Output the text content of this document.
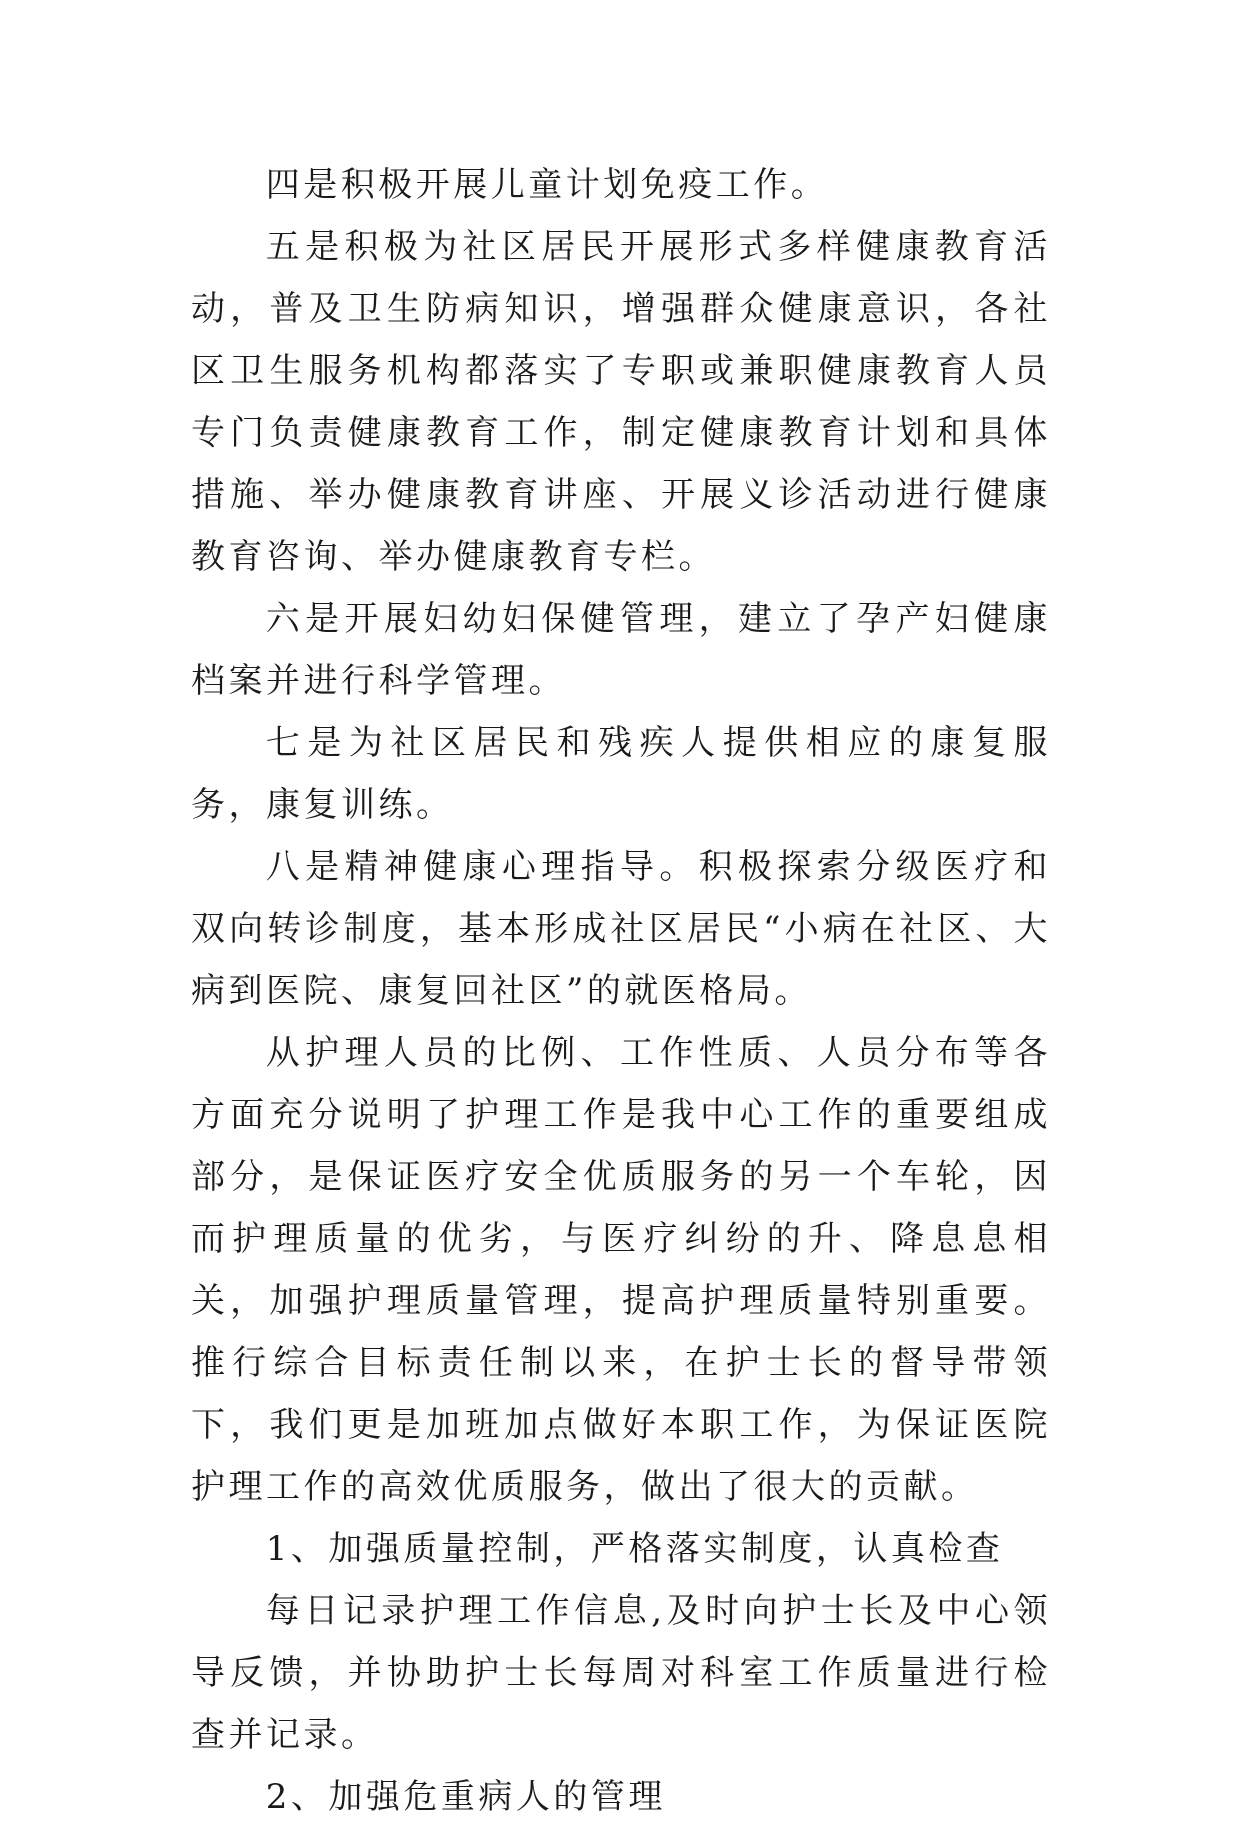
四是积极开展儿童计划免疫工作。

五是积极为社区居民开展形式多样健康教育活动，普及卫生防病知识，增强群众健康意识，各社区卫生服务机构都落实了专职或兼职健康教育人员专门负责健康教育工作，制定健康教育计划和具体措施、举办健康教育讲座、开展义诊活动进行健康教育咨询、举办健康教育专栏。

六是开展妇幼妇保健管理，建立了孕产妇健康档案并进行科学管理。

七是为社区居民和残疾人提供相应的康复服务，康复训练。

八是精神健康心理指导。积极探索分级医疗和双向转诊制度，基本形成社区居民“小病在社区、大病到医院、康复回社区”的就医格局。

从护理人员的比例、工作性质、人员分布等各方面充分说明了护理工作是我中心工作的重要组成部分，是保证医疗安全优质服务的另一个车轮，因而护理质量的优劣，与医疗纠纷的升、降息息相关，加强护理质量管理，提高护理质量特别重要。推行综合目标责任制以来，在护士长的督导带领下，我们更是加班加点做好本职工作，为保证医院护理工作的高效优质服务，做出了很大的贡献。

1、加强质量控制，严格落实制度，认真检查

每日记录护理工作信息,及时向护士长及中心领导反馈，并协助护士长每周对科室工作质量进行检查并记录。

2、加强危重病人的管理
